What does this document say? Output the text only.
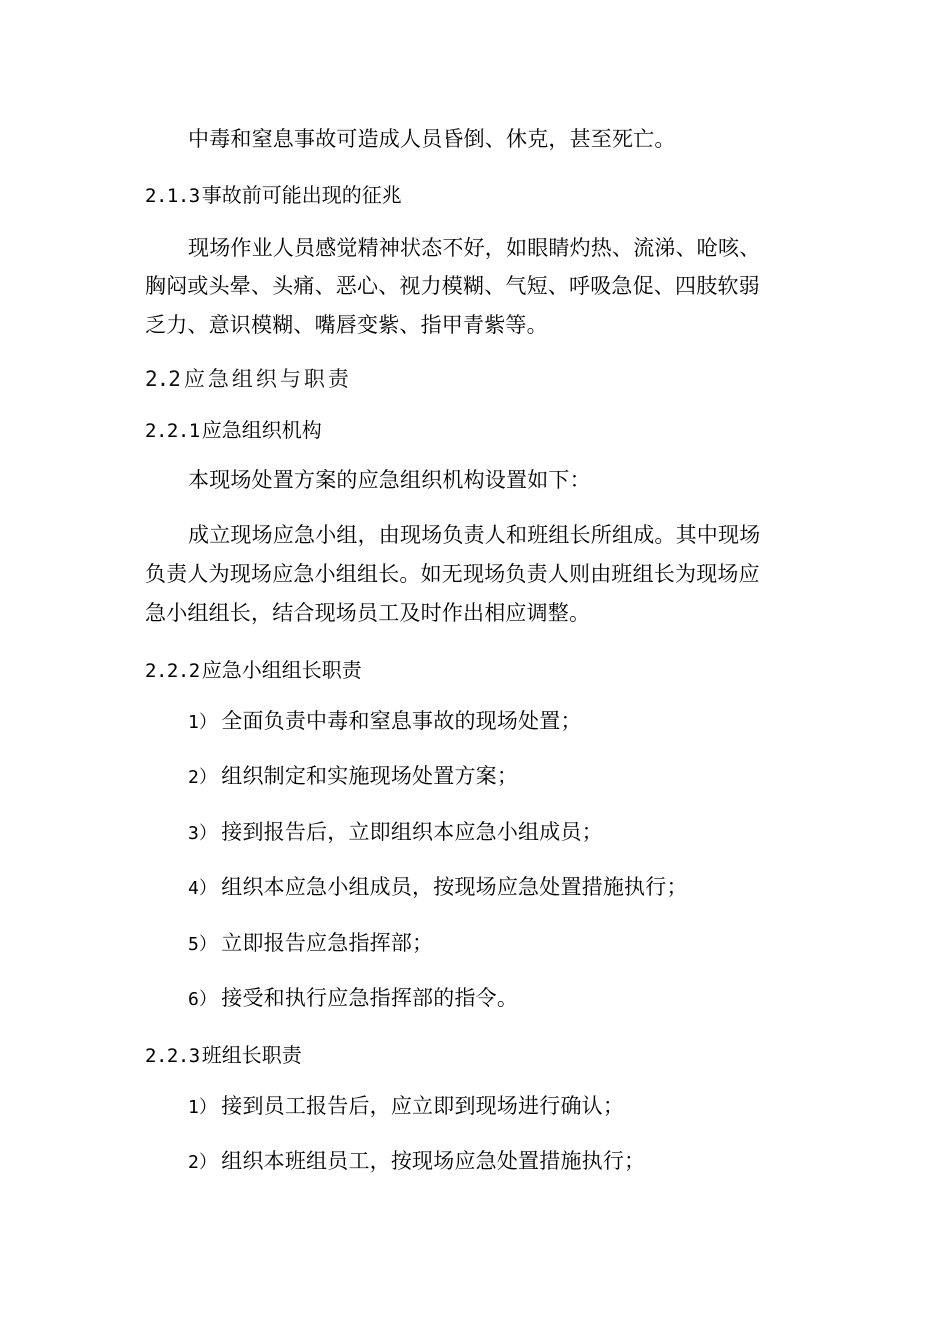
中毒和窒息事故可造成人员昏倒、休克，甚至死亡。
2.1.3 事故前可能出现的征兆
现场作业人员感觉精神状态不好，如眼睛灼热、流涕、呛咳、
胸闷或头晕、头痛、恶心、视力模糊、气短、呼吸急促、四肢软弱
乏力、意识模糊、嘴唇变紫、指甲青紫等。
2.2 应急组织与职责
2.2.1 应急组织机构
本现场处置方案的应急组织机构设置如下：
成立现场应急小组，由现场负责人和班组长所组成。其中现场
负责人为现场应急小组组长。如无现场负责人则由班组长为现场应
急小组组长，结合现场员工及时作出相应调整。
2.2.2 应急小组组长职责
1） 全面负责中毒和窒息事故的现场处置；
2） 组织制定和实施现场处置方案；
3） 接到报告后，立即组织本应急小组成员；
4） 组织本应急小组成员，按现场应急处置措施执行；
5） 立即报告应急指挥部；
6） 接受和执行应急指挥部的指令。
2.2.3 班组长职责
1） 接到员工报告后，应立即到现场进行确认；
2） 组织本班组员工，按现场应急处置措施执行；
